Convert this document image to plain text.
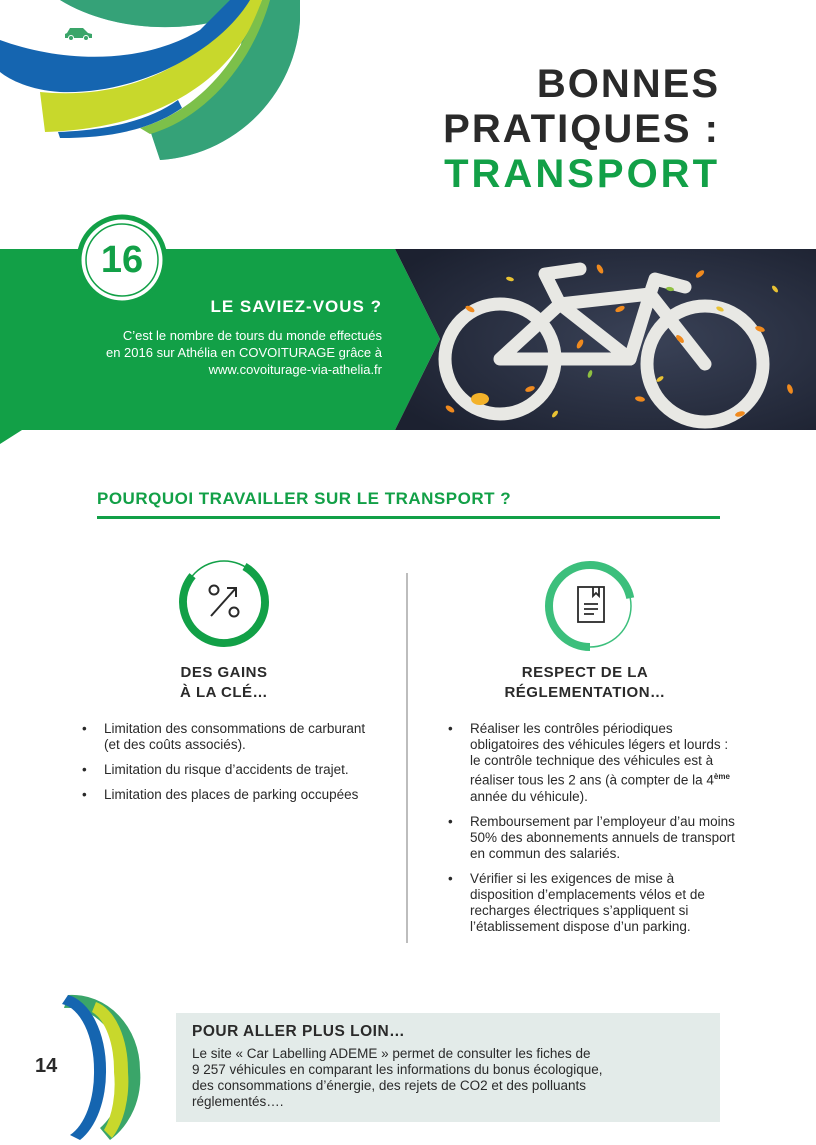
BONNES
PRATIQUES :
TRANSPORT
16
LE SAVIEZ-VOUS ?
C’est le nombre de tours du monde effectués
en 2016 sur Athélia en COVOITURAGE grâce à
www.covoiturage-via-athelia.fr
POURQUOI TRAVAILLER SUR LE TRANSPORT ?
DES GAINS
À LA CLÉ…
• Limitation des consommations de carburant (et des coûts associés).
• Limitation du risque d’accidents de trajet.
• Limitation des places de parking occupées
RESPECT DE LA
RÉGLEMENTATION…
• Réaliser les contrôles périodiques obligatoires des véhicules légers et lourds : le contrôle technique des véhicules est à réaliser tous les 2 ans (à compter de la 4ème année du véhicule).
• Remboursement par l’employeur d’au moins 50% des abonnements annuels de transport en commun des salariés.
• Vérifier si les exigences de mise à disposition d’emplacements vélos et de recharges électriques s’appliquent si l’établissement dispose d’un parking.
14
POUR ALLER PLUS LOIN…
Le site « Car Labelling ADEME » permet de consulter les fiches de
9 257 véhicules en comparant les informations du bonus écologique,
des consommations d’énergie, des rejets de CO2 et des polluants
réglementés….
